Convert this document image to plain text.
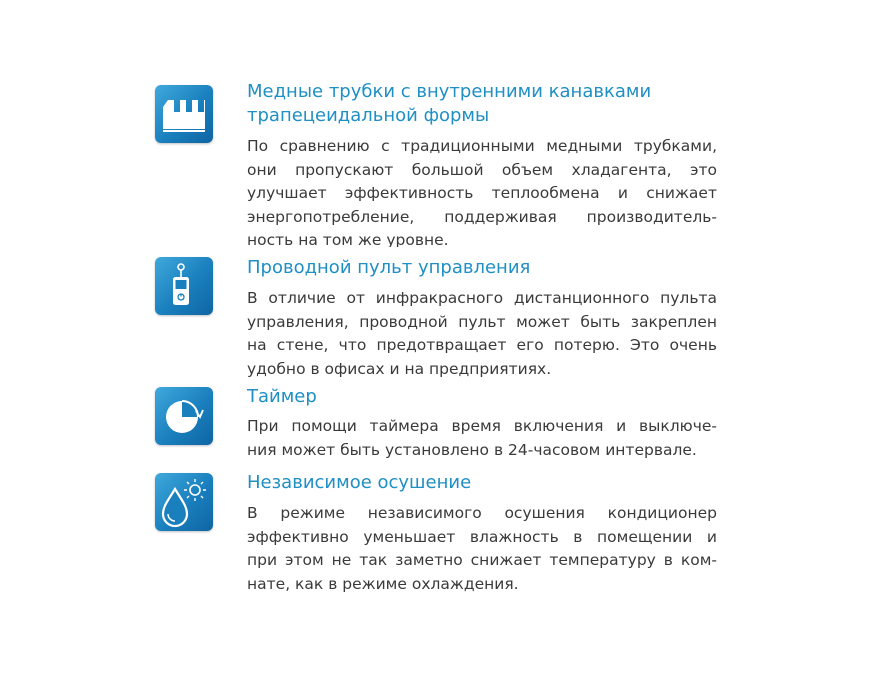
Медные трубки с внутренними канавками
трапецеидальной формы
По сравнению с традиционными медными трубками,
они пропускают большой объем хладагента, это
улучшает эффективность теплообмена и снижает
энергопотребление, поддерживая производитель-
ность на том же уровне.
Проводной пульт управления
В отличие от инфракрасного дистанционного пульта
управления, проводной пульт может быть закреплен
на стене, что предотвращает его потерю. Это очень
удобно в офисах и на предприятиях.
Таймер
При помощи таймера время включения и выключе-
ния может быть установлено в 24-часовом интервале.
Независимое осушение
В режиме независимого осушения кондиционер
эффективно уменьшает влажность в помещении и
при этом не так заметно снижает температуру в ком-
нате, как в режиме охлаждения.
